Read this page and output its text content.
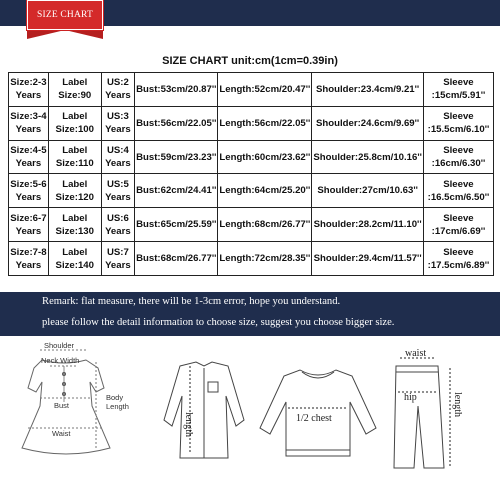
SIZE CHART
SIZE CHART unit:cm(1cm=0.39in)
Size:2-3 Years	Label Size:90	US:2 Years	Bust:53cm/20.87''	Length:52cm/20.47''	Shoulder:23.4cm/9.21''	Sleeve :15cm/5.91''
Size:3-4 Years	Label Size:100	US:3 Years	Bust:56cm/22.05''	Length:56cm/22.05''	Shoulder:24.6cm/9.69''	Sleeve :15.5cm/6.10''
Size:4-5 Years	Label Size:110	US:4 Years	Bust:59cm/23.23''	Length:60cm/23.62''	Shoulder:25.8cm/10.16''	Sleeve :16cm/6.30''
Size:5-6 Years	Label Size:120	US:5 Years	Bust:62cm/24.41''	Length:64cm/25.20''	Shoulder:27cm/10.63''	Sleeve :16.5cm/6.50''
Size:6-7 Years	Label Size:130	US:6 Years	Bust:65cm/25.59''	Length:68cm/26.77''	Shoulder:28.2cm/11.10''	Sleeve :17cm/6.69''
Size:7-8 Years	Label Size:140	US:7 Years	Bust:68cm/26.77''	Length:72cm/28.35''	Shoulder:29.4cm/11.57''	Sleeve :17.5cm/6.89''
Remark: flat measure, there will be 1-3cm error, hope you understand.
please follow the detail information to choose size, suggest you choose bigger size.
Shoulder
Neck Width
Bust
Waist
Body
Length
length	1/2 chest
waist
hip	length
